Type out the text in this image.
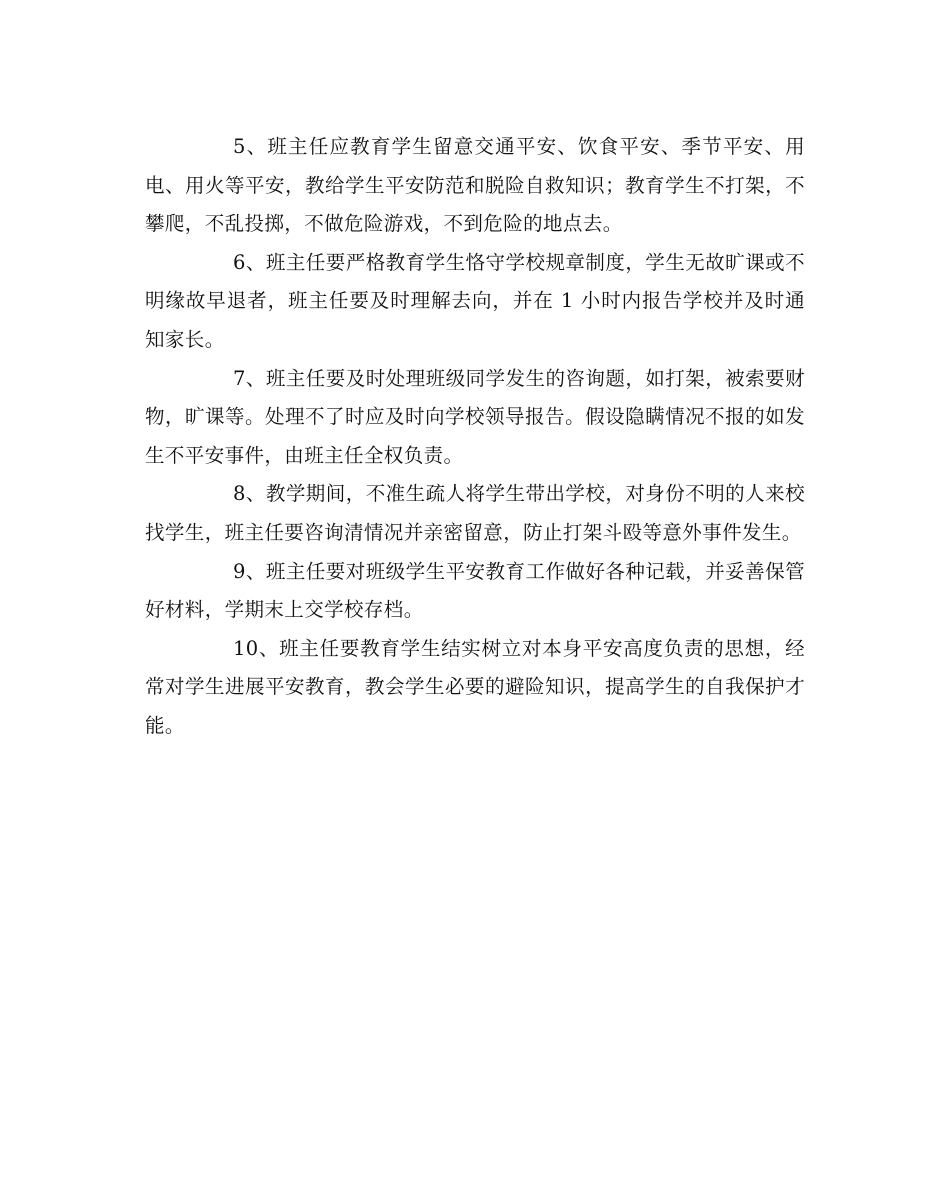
5、班主任应教育学生留意交通平安、饮食平安、季节平安、用电、用火等平安，教给学生平安防范和脱险自救知识；教育学生不打架，不攀爬，不乱投掷，不做危险游戏，不到危险的地点去。

6、班主任要严格教育学生恪守学校规章制度，学生无故旷课或不明缘故早退者，班主任要及时理解去向，并在 1 小时内报告学校并及时通知家长。

7、班主任要及时处理班级同学发生的咨询题，如打架，被索要财物，旷课等。处理不了时应及时向学校领导报告。假设隐瞒情况不报的如发生不平安事件，由班主任全权负责。

8、教学期间，不准生疏人将学生带出学校，对身份不明的人来校找学生，班主任要咨询清情况并亲密留意，防止打架斗殴等意外事件发生。

9、班主任要对班级学生平安教育工作做好各种记载，并妥善保管好材料，学期末上交学校存档。

10、班主任要教育学生结实树立对本身平安高度负责的思想，经常对学生进展平安教育，教会学生必要的避险知识，提高学生的自我保护才能。
